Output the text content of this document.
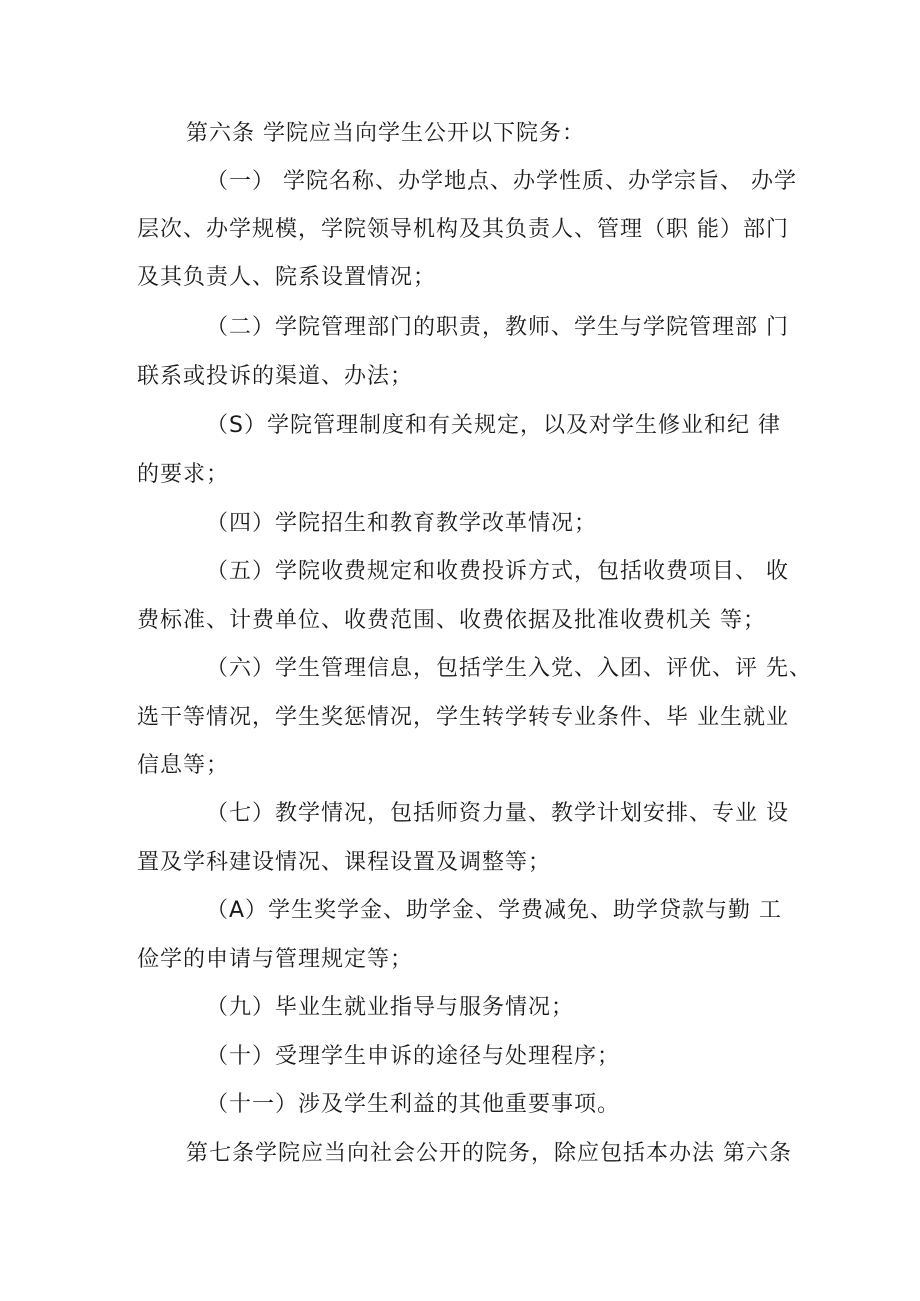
第六条 学院应当向学生公开以下院务：
（一） 学院名称、办学地点、办学性质、办学宗旨、 办学
层次、办学规模，学院领导机构及其负责人、管理（职 能）部门
及其负责人、院系设置情况；
（二）学院管理部门的职责，教师、学生与学院管理部 门
联系或投诉的渠道、办法；
（S）学院管理制度和有关规定，以及对学生修业和纪 律
的要求；
（四）学院招生和教育教学改革情况；
（五）学院收费规定和收费投诉方式，包括收费项目、 收
费标准、计费单位、收费范围、收费依据及批准收费机关 等；
（六）学生管理信息，包括学生入党、入团、评优、评 先、
选干等情况，学生奖惩情况，学生转学转专业条件、毕 业生就业
信息等；
（七）教学情况，包括师资力量、教学计划安排、专业 设
置及学科建设情况、课程设置及调整等；
（A）学生奖学金、助学金、学费减免、助学贷款与勤 工
俭学的申请与管理规定等；
（九）毕业生就业指导与服务情况；
（十）受理学生申诉的途径与处理程序；
（十一）涉及学生利益的其他重要事项。
第七条学院应当向社会公开的院务，除应包括本办法 第六条
